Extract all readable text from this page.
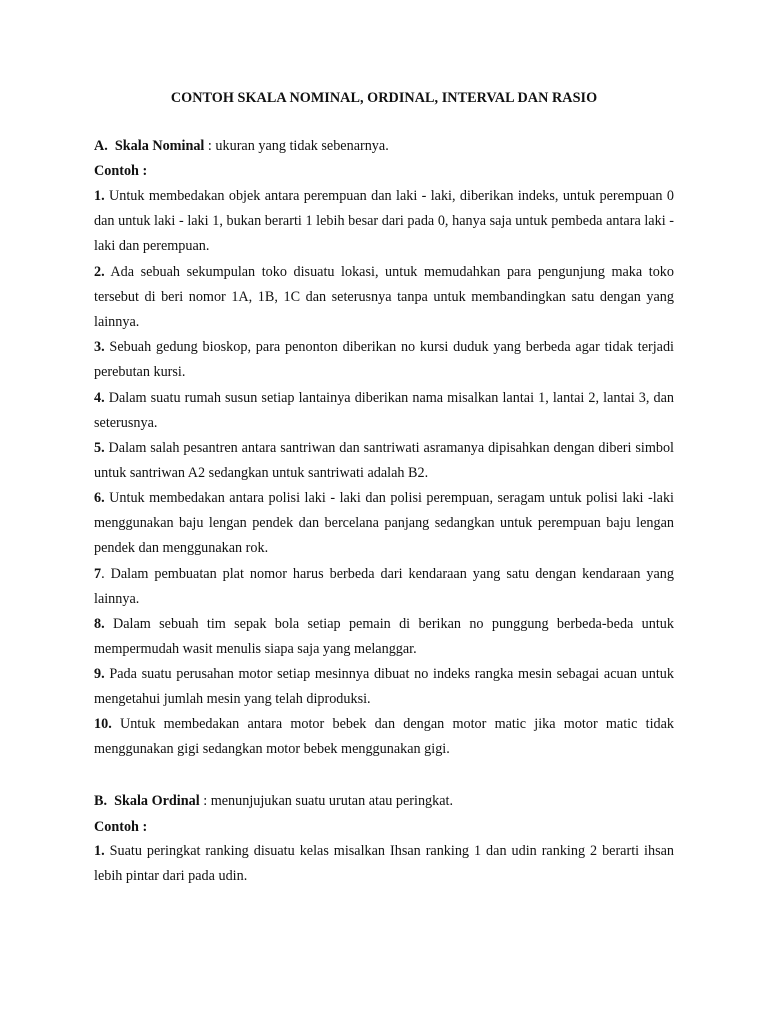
CONTOH SKALA NOMINAL, ORDINAL, INTERVAL DAN RASIO
A. Skala Nominal : ukuran yang tidak sebenarnya.
Contoh :
1. Untuk membedakan objek antara perempuan dan laki - laki, diberikan indeks, untuk perempuan 0 dan untuk laki - laki 1, bukan berarti 1 lebih besar dari pada 0, hanya saja untuk pembeda antara laki - laki dan perempuan.
2. Ada sebuah sekumpulan toko disuatu lokasi, untuk memudahkan para pengunjung maka toko tersebut di beri nomor 1A, 1B, 1C dan seterusnya tanpa untuk membandingkan satu dengan yang lainnya.
3. Sebuah gedung bioskop, para penonton diberikan no kursi duduk yang berbeda agar tidak terjadi perebutan kursi.
4. Dalam suatu rumah susun setiap lantainya diberikan nama misalkan lantai 1, lantai 2, lantai 3, dan seterusnya.
5. Dalam salah pesantren antara santriwan dan santriwati asramanya dipisahkan dengan diberi simbol untuk santriwan A2 sedangkan untuk santriwati adalah B2.
6. Untuk membedakan antara polisi laki - laki dan polisi perempuan, seragam untuk polisi laki -laki menggunakan baju lengan pendek dan bercelana panjang sedangkan untuk perempuan baju lengan pendek dan menggunakan rok.
7. Dalam pembuatan plat nomor harus berbeda dari kendaraan yang satu dengan kendaraan yang lainnya.
8. Dalam sebuah tim sepak bola setiap pemain di berikan no punggung berbeda-beda untuk mempermudah wasit menulis siapa saja yang melanggar.
9. Pada suatu perusahan motor setiap mesinnya dibuat no indeks rangka mesin sebagai acuan untuk mengetahui jumlah mesin yang telah diproduksi.
10. Untuk membedakan antara motor bebek dan dengan motor matic jika motor matic tidak menggunakan gigi sedangkan motor bebek menggunakan gigi.
B. Skala Ordinal : menunjujukan suatu urutan atau peringkat.
Contoh :
1. Suatu peringkat ranking disuatu kelas misalkan Ihsan ranking 1 dan udin ranking 2 berarti ihsan lebih pintar dari pada udin.
